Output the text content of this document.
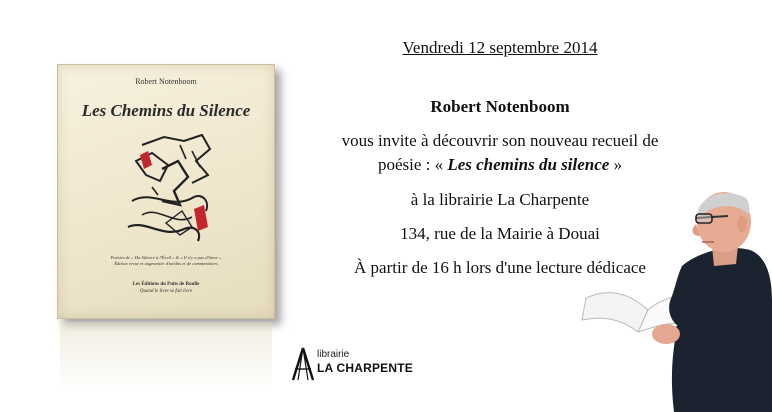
Robert Notenboom
Les Chemins du Silence
Poésies de « Du Silence à l'Éveil » & « Il n'y a pas d'hiver »
Édition revue et augmentée d'inédits et de commentaires
Les Éditions du Puits de Roulle
Quand le livre se fait livre
Vendredi 12 septembre 2014
Robert Notenboom
vous invite à découvrir son nouveau recueil de
poésie : « Les chemins du silence »
à la librairie La Charpente
134, rue de la Mairie à Douai
À partir de 16 h lors d'une lecture dédicace
librairie
LA CHARPENTE
